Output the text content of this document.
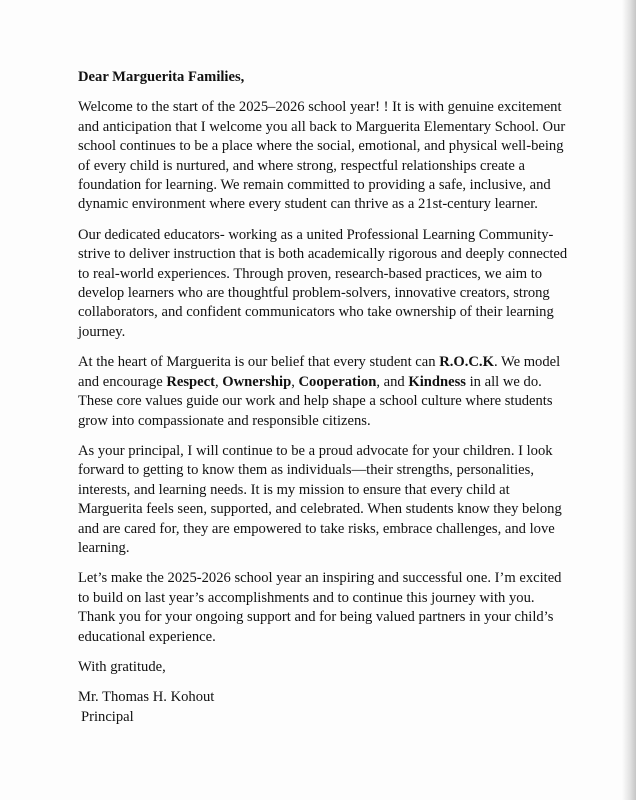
Dear Marguerita Families,

Welcome to the start of the 2025–2026 school year! ! It is with genuine excitement and anticipation that I welcome you all back to Marguerita Elementary School. Our school continues to be a place where the social, emotional, and physical well-being of every child is nurtured, and where strong, respectful relationships create a foundation for learning. We remain committed to providing a safe, inclusive, and dynamic environment where every student can thrive as a 21st-century learner.

Our dedicated educators- working as a united Professional Learning Community- strive to deliver instruction that is both academically rigorous and deeply connected to real-world experiences. Through proven, research-based practices, we aim to develop learners who are thoughtful problem-solvers, innovative creators, strong collaborators, and confident communicators who take ownership of their learning journey.

At the heart of Marguerita is our belief that every student can R.O.C.K. We model and encourage Respect, Ownership, Cooperation, and Kindness in all we do. These core values guide our work and help shape a school culture where students grow into compassionate and responsible citizens.

As your principal, I will continue to be a proud advocate for your children. I look forward to getting to know them as individuals—their strengths, personalities, interests, and learning needs. It is my mission to ensure that every child at Marguerita feels seen, supported, and celebrated. When students know they belong and are cared for, they are empowered to take risks, embrace challenges, and love learning.

Let’s make the 2025-2026 school year an inspiring and successful one. I’m excited to build on last year’s accomplishments and to continue this journey with you. Thank you for your ongoing support and for being valued partners in your child’s educational experience.

With gratitude,

Mr. Thomas H. Kohout

Principal
